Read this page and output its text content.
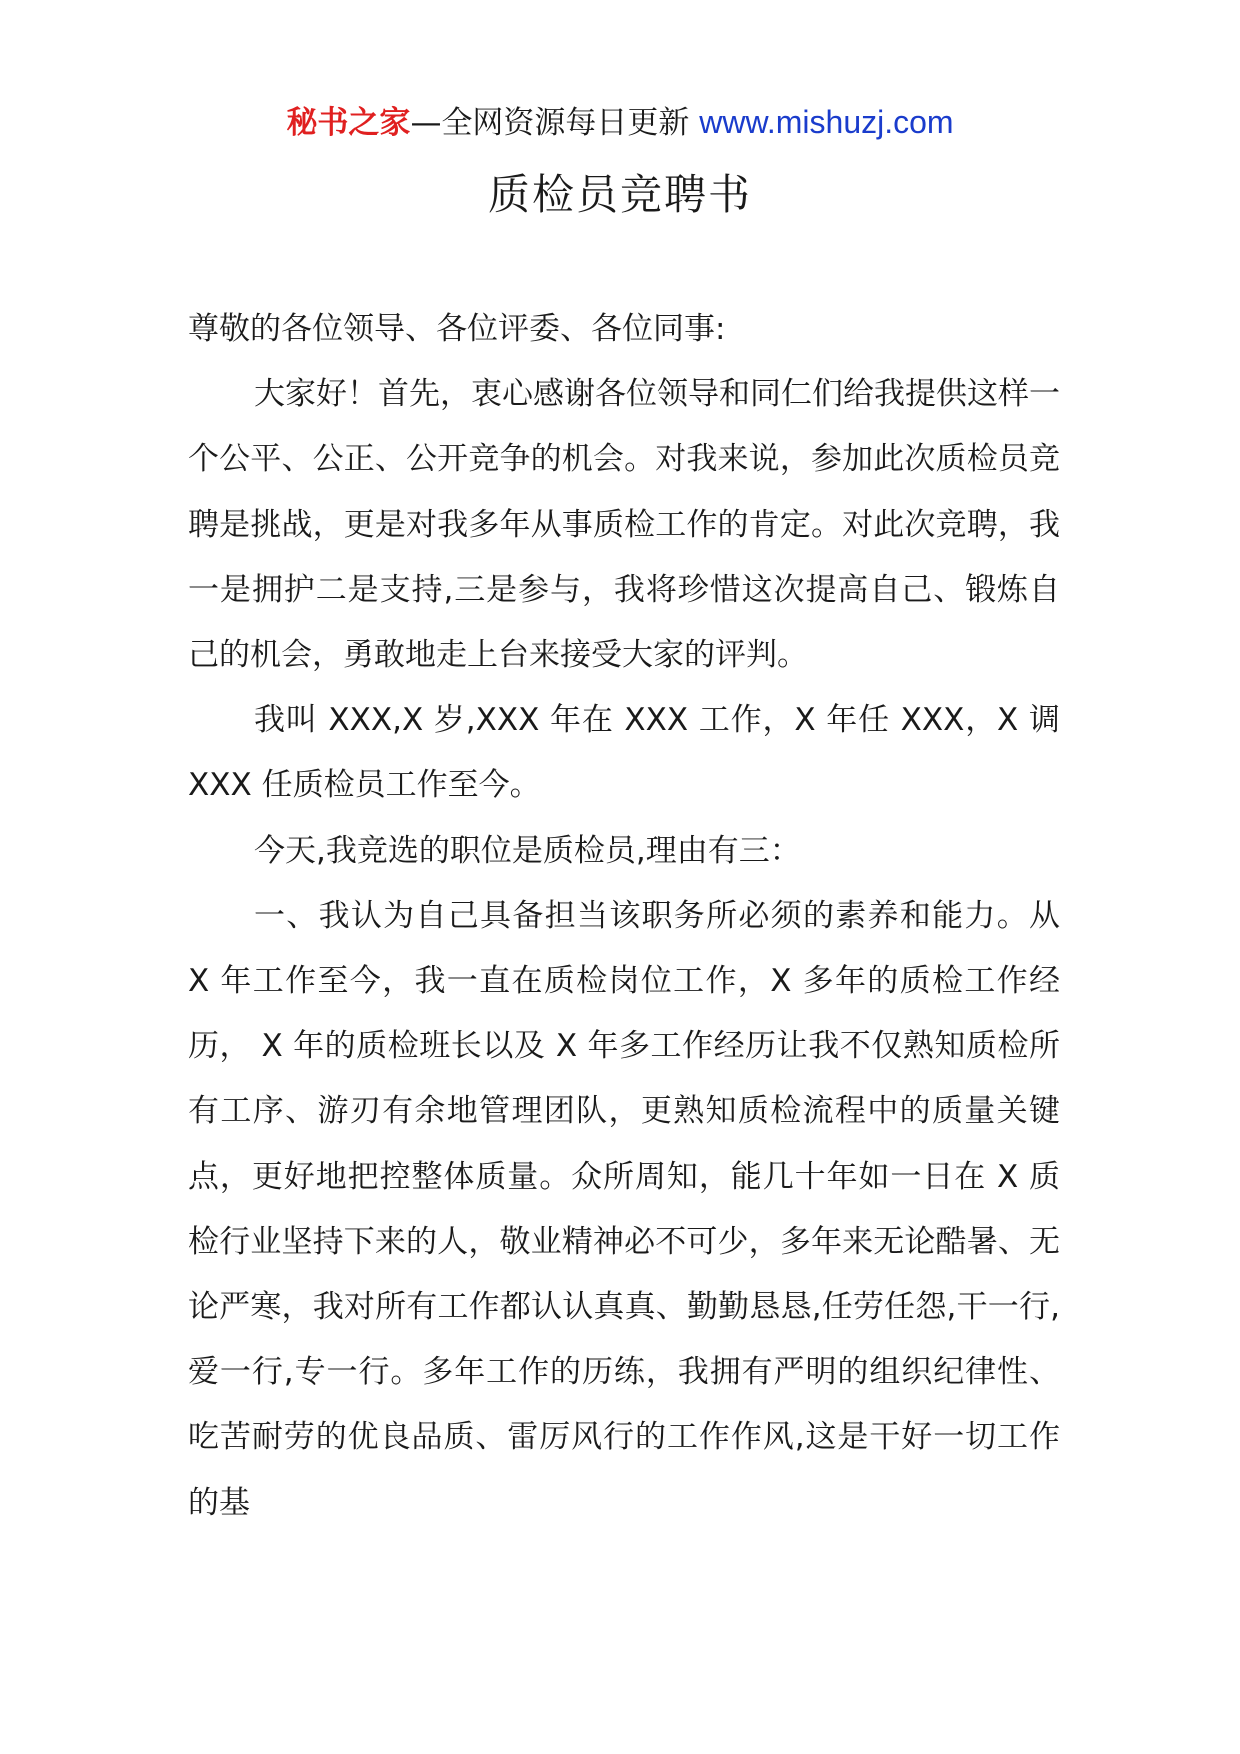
秘书之家—全网资源每日更新 www.mishuzj.com
质检员竞聘书

尊敬的各位领导、各位评委、各位同事:

大家好！首先，衷心感谢各位领导和同仁们给我提供这样一个公平、公正、公开竞争的机会。对我来说，参加此次质检员竞聘是挑战，更是对我多年从事质检工作的肯定。对此次竞聘，我一是拥护二是支持,三是参与，我将珍惜这次提高自己、锻炼自己的机会，勇敢地走上台来接受大家的评判。

我叫 XXX,X 岁,XXX 年在 XXX 工作，X 年任 XXX，X 调 XXX 任质检员工作至今。

今天,我竞选的职位是质检员,理由有三：

一、我认为自己具备担当该职务所必须的素养和能力。从 X 年工作至今，我一直在质检岗位工作，X 多年的质检工作经历， X 年的质检班长以及 X 年多工作经历让我不仅熟知质检所有工序、游刃有余地管理团队，更熟知质检流程中的质量关键点，更好地把控整体质量。众所周知，能几十年如一日在 X 质检行业坚持下来的人，敬业精神必不可少，多年来无论酷暑、无论严寒，我对所有工作都认认真真、勤勤恳恳,任劳任怨,干一行,爱一行,专一行。多年工作的历练，我拥有严明的组织纪律性、吃苦耐劳的优良品质、雷厉风行的工作作风,这是干好一切工作的基
